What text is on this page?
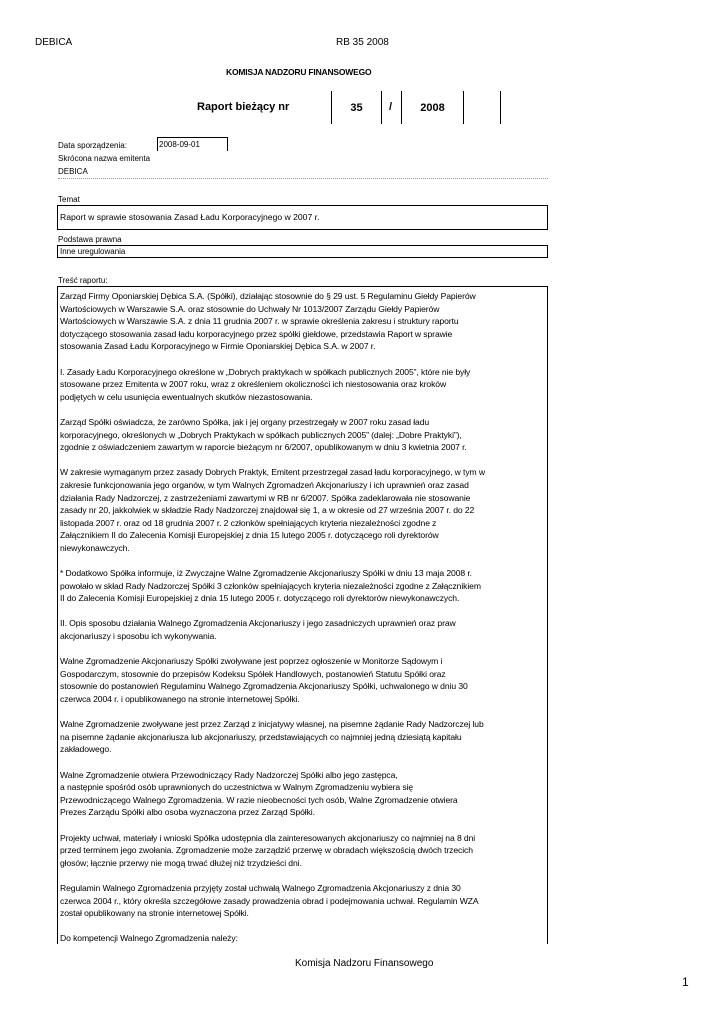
DEBICA	RB 35 2008
KOMISJA NADZORU FINANSOWEGO
Raport bieżący nr	35	/	2008
Data sporządzenia:	2008-09-01
Skrócona nazwa emitenta
DEBICA
Temat
Raport w sprawie stosowania Zasad Ładu Korporacyjnego w 2007 r.
Podstawa prawna
Inne uregulowania
Treść raportu:
Zarząd Firmy Oponiarskiej Dębica S.A. (Spółki), działając stosownie do § 29 ust. 5 Regulaminu Giełdy Papierów
Wartościowych w Warszawie S.A. oraz stosownie do Uchwały Nr 1013/2007 Zarządu Giełdy Papierów
Wartościowych w Warszawie S.A. z dnia 11 grudnia 2007 r. w sprawie określenia zakresu i struktury raportu
dotyczącego stosowania zasad ładu korporacyjnego przez spółki giełdowe, przedstawia Raport w sprawie
stosowania Zasad Ładu Korporacyjnego w Firmie Oponiarskiej Dębica S.A. w 2007 r.

I. Zasady Ładu Korporacyjnego określone w „Dobrych praktykach w spółkach publicznych 2005”, które nie były
stosowane przez Emitenta w 2007 roku, wraz z określeniem okoliczności ich niestosowania oraz kroków
podjętych w celu usunięcia ewentualnych skutków niezastosowania.

Zarząd Spółki oświadcza, że zarówno Spółka, jak i jej organy przestrzegały w 2007 roku zasad ładu
korporacyjnego, określonych w „Dobrych Praktykach w spółkach publicznych 2005” (dalej: „Dobre Praktyki”),
zgodnie z oświadczeniem zawartym w raporcie bieżącym nr 6/2007, opublikowanym w dniu 3 kwietnia 2007 r.

W zakresie wymaganym przez zasady Dobrych Praktyk, Emitent przestrzegał zasad ładu korporacyjnego, w tym w
zakresie funkcjonowania jego organów, w tym Walnych Zgromadzeń Akcjonariuszy i ich uprawnień oraz zasad
działania Rady Nadzorczej, z zastrzeżeniami zawartymi w RB nr 6/2007. Spółka zadeklarowała nie stosowanie
zasady nr 20, jakkolwiek w składzie Rady Nadzorczej znajdował się 1, a w okresie od 27 września 2007 r. do 22
listopada 2007 r. oraz od 18 grudnia 2007 r. 2 członków spełniających kryteria niezależności zgodne z
Załącznikiem II do Zalecenia Komisji Europejskiej z dnia 15 lutego 2005 r. dotyczącego roli dyrektorów
niewykonawczych.

* Dodatkowo Spółka informuje, iż Zwyczajne Walne Zgromadzenie Akcjonariuszy Spółki w dniu 13 maja 2008 r.
powołało w skład Rady Nadzorczej Spółki 3 członków spełniających kryteria niezależności zgodne z Załącznikiem
II do Zalecenia Komisji Europejskiej z dnia 15 lutego 2005 r. dotyczącego roli dyrektorów niewykonawczych.

II. Opis sposobu działania Walnego Zgromadzenia Akcjonariuszy i jego zasadniczych uprawnień oraz praw
akcjonariuszy i sposobu ich wykonywania.

Walne Zgromadzenie Akcjonariuszy Spółki zwoływane jest poprzez ogłoszenie w Monitorze Sądowym i
Gospodarczym, stosownie do przepisów Kodeksu Spółek Handlowych, postanowień Statutu Spółki oraz
stosownie do postanowień Regulaminu Walnego Zgromadzenia Akcjonariuszy Spółki, uchwalonego w dniu 30
czerwca 2004 r. i opublikowanego na stronie internetowej Spółki.

Walne Zgromadzenie zwoływane jest przez Zarząd z inicjatywy własnej, na pisemne żądanie Rady Nadzorczej lub
na pisemne żądanie akcjonariusza lub akcjonariuszy, przedstawiających co najmniej jedną dziesiątą kapitału
zakładowego.

Walne Zgromadzenie otwiera Przewodniczący Rady Nadzorczej Spółki albo jego zastępca,
a następnie spośród osób uprawnionych do uczestnictwa w Walnym Zgromadzeniu wybiera się
Przewodniczącego Walnego Zgromadzenia. W razie nieobecności tych osób, Walne Zgromadzenie otwiera
Prezes Zarządu Spółki albo osoba wyznaczona przez Zarząd Spółki.

Projekty uchwał, materiały i wnioski Spółka udostępnia dla zainteresowanych akcjonariuszy co najmniej na 8 dni
przed terminem jego zwołania. Zgromadzenie może zarządzić przerwę w obradach większością dwóch trzecich
głosów; łącznie przerwy nie mogą trwać dłużej niż trzydzieści dni.

Regulamin Walnego Zgromadzenia przyjęty został uchwałą Walnego Zgromadzenia Akcjonariuszy z dnia 30
czerwca 2004 r., który określa szczegółowe zasady prowadzenia obrad i podejmowania uchwał. Regulamin WZA
został opublikowany na stronie internetowej Spółki.

Do kompetencji Walnego Zgromadzenia należy:
Komisja Nadzoru Finansowego
1
